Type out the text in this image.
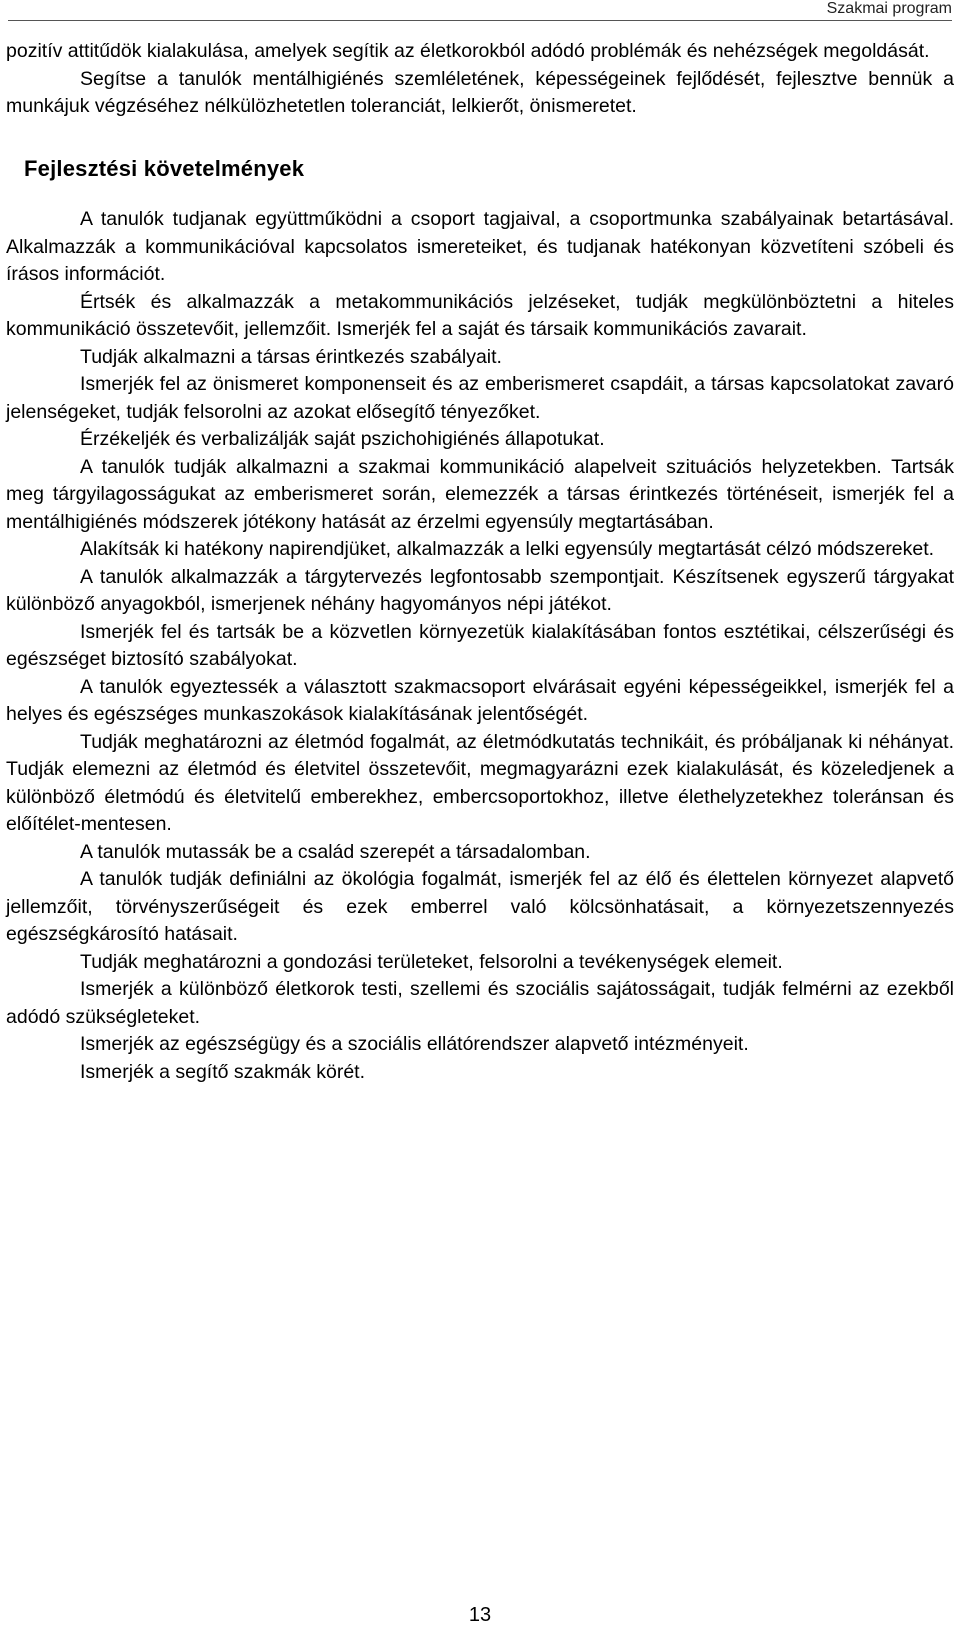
Szakmai program

pozitív attitűdök kialakulása, amelyek segítik az életkorokból adódó problémák és nehézségek megoldását.

Segítse a tanulók mentálhigiénés szemléletének, képességeinek fejlődését, fejlesztve bennük a munkájuk végzéséhez nélkülözhetetlen toleranciát, lelkierőt, önismeretet.

Fejlesztési követelmények

A tanulók tudjanak együttműködni a csoport tagjaival, a csoportmunka szabályainak betartásával. Alkalmazzák a kommunikációval kapcsolatos ismereteiket, és tudjanak hatékonyan közvetíteni szóbeli és írásos információt.

Értsék és alkalmazzák a metakommunikációs jelzéseket, tudják megkülönböztetni a hiteles kommunikáció összetevőit, jellemzőit. Ismerjék fel a saját és társaik kommunikációs zavarait.

Tudják alkalmazni a társas érintkezés szabályait.

Ismerjék fel az önismeret komponenseit és az emberismeret csapdáit, a társas kapcsolatokat zavaró jelenségeket, tudják felsorolni az azokat elősegítő tényezőket.

Érzékeljék és verbalizálják saját pszichohigiénés állapotukat.

A tanulók tudják alkalmazni a szakmai kommunikáció alapelveit szituációs helyzetekben. Tartsák meg tárgyilagosságukat az emberismeret során, elemezzék a társas érintkezés történéseit, ismerjék fel a mentálhigiénés módszerek jótékony hatását az érzelmi egyensúly megtartásában.

Alakítsák ki hatékony napirendjüket, alkalmazzák a lelki egyensúly megtartását célzó módszereket.

A tanulók alkalmazzák a tárgytervezés legfontosabb szempontjait. Készítsenek egyszerű tárgyakat különböző anyagokból, ismerjenek néhány hagyományos népi játékot.

Ismerjék fel és tartsák be a közvetlen környezetük kialakításában fontos esztétikai, célszerűségi és egészséget biztosító szabályokat.

A tanulók egyeztessék a választott szakmacsoport elvárásait egyéni képességeikkel, ismerjék fel a helyes és egészséges munkaszokások kialakításának jelentőségét.

Tudják meghatározni az életmód fogalmát, az életmódkutatás technikáit, és próbáljanak ki néhányat. Tudják elemezni az életmód és életvitel összetevőit, megmagyarázni ezek kialakulását, és közeledjenek a különböző életmódú és életvitelű emberekhez, embercsoportokhoz, illetve élethelyzetekhez toleránsan és előítélet-mentesen.

A tanulók mutassák be a család szerepét a társadalomban.

A tanulók tudják definiálni az ökológia fogalmát, ismerjék fel az élő és élettelen környezet alapvető jellemzőit, törvényszerűségeit és ezek emberrel való kölcsönhatásait, a környezetszennyezés egészségkárosító hatásait.

Tudják meghatározni a gondozási területeket, felsorolni a tevékenységek elemeit.

Ismerjék a különböző életkorok testi, szellemi és szociális sajátosságait, tudják felmérni az ezekből adódó szükségleteket.

Ismerjék az egészségügy és a szociális ellátórendszer alapvető intézményeit.

Ismerjék a segítő szakmák körét.

13
